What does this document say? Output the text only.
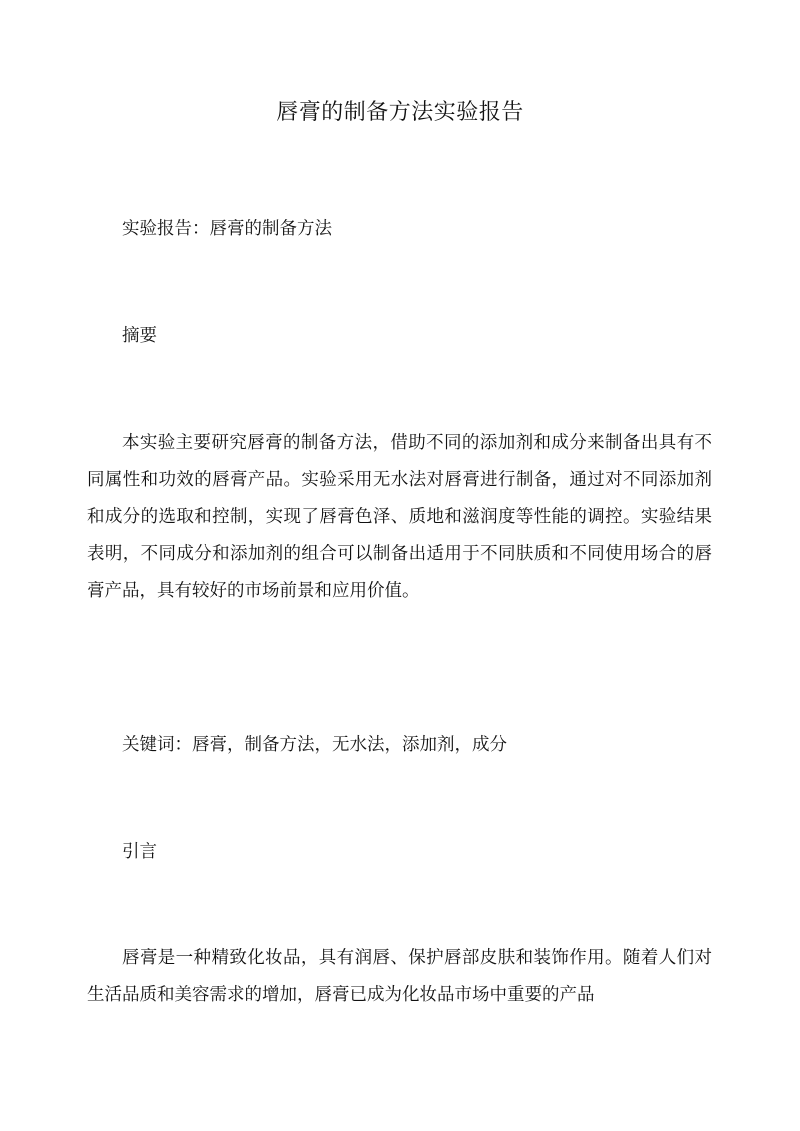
唇膏的制备方法实验报告

实验报告：唇膏的制备方法

摘要

本实验主要研究唇膏的制备方法，借助不同的添加剂和成分来制备出具有不同属性和功效的唇膏产品。实验采用无水法对唇膏进行制备，通过对不同添加剂和成分的选取和控制，实现了唇膏色泽、质地和滋润度等性能的调控。实验结果表明，不同成分和添加剂的组合可以制备出适用于不同肤质和不同使用场合的唇膏产品，具有较好的市场前景和应用价值。

关键词：唇膏，制备方法，无水法，添加剂，成分

引言

唇膏是一种精致化妆品，具有润唇、保护唇部皮肤和装饰作用。随着人们对生活品质和美容需求的增加，唇膏已成为化妆品市场中重要的产品
